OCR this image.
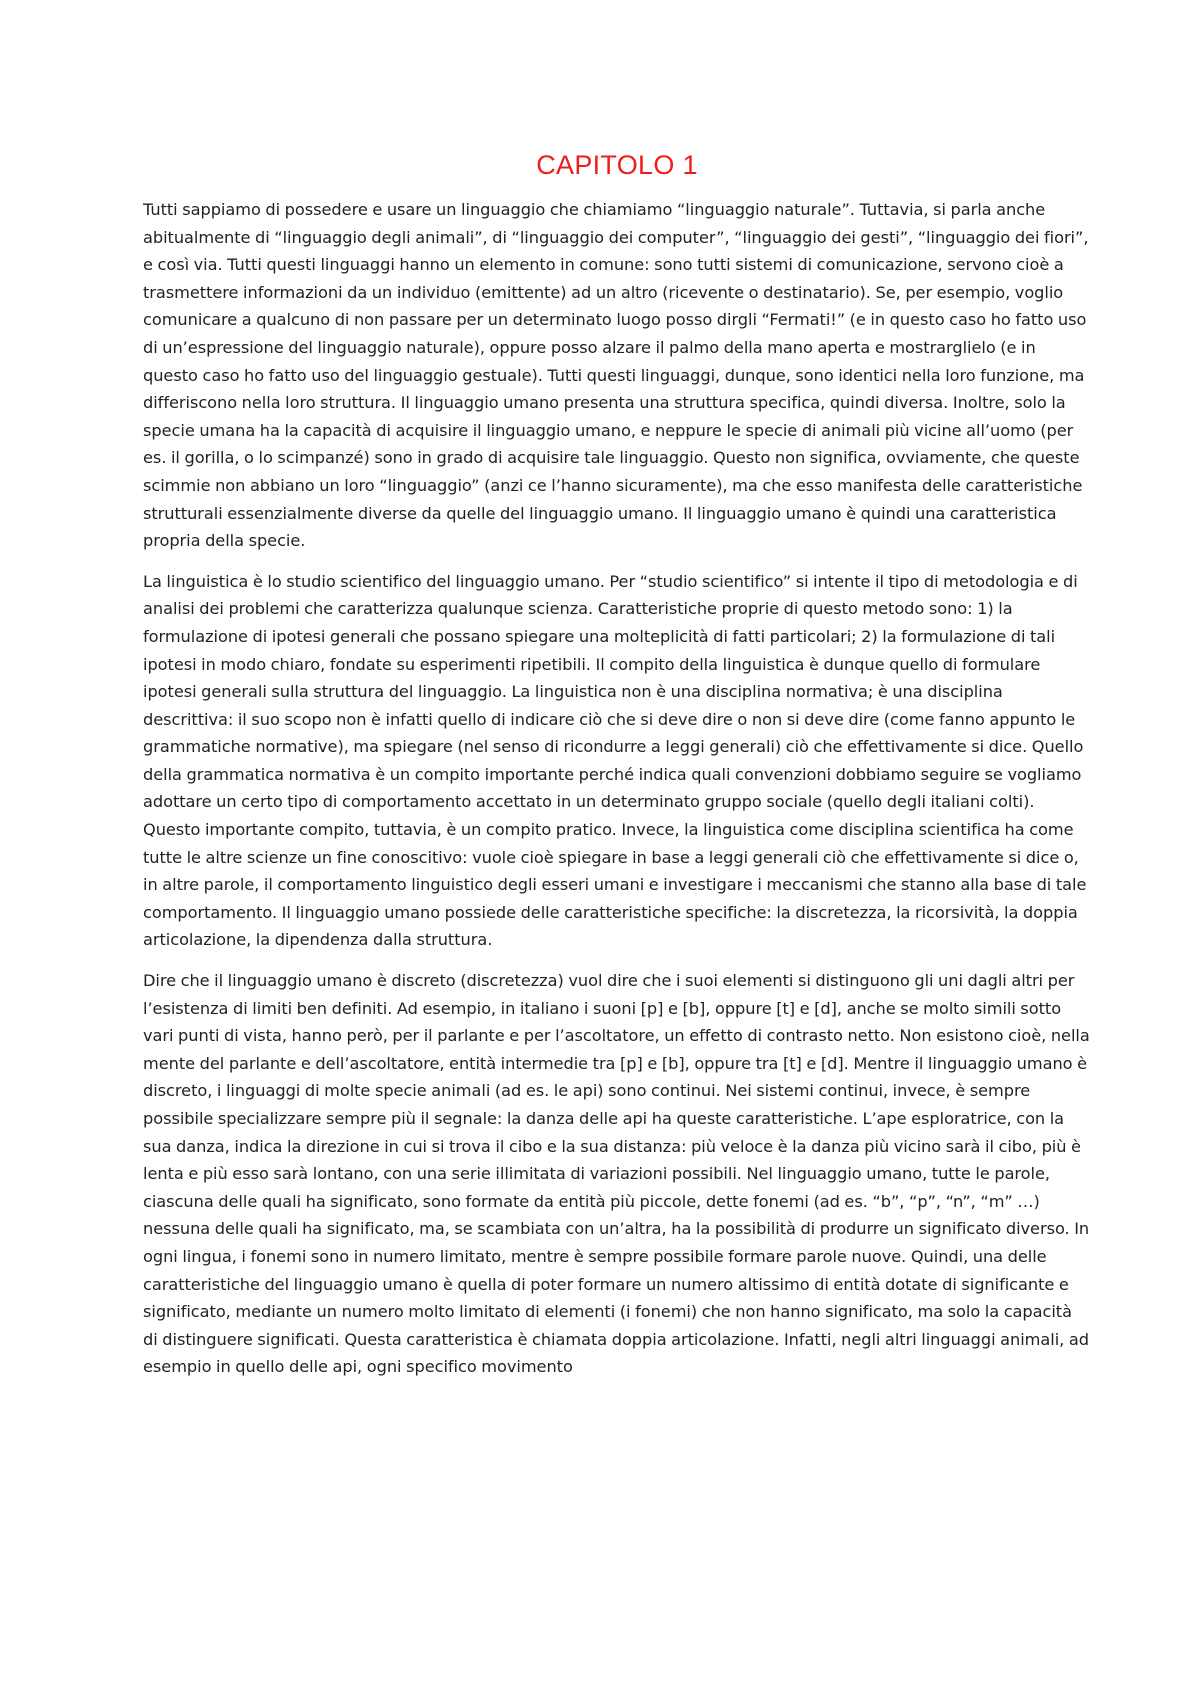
CAPITOLO 1

Tutti sappiamo di possedere e usare un linguaggio che chiamiamo “linguaggio naturale”. Tuttavia, si parla anche abitualmente di “linguaggio degli animali”, di “linguaggio dei computer”, “linguaggio dei gesti”, “linguaggio dei fiori”, e così via. Tutti questi linguaggi hanno un elemento in comune: sono tutti sistemi di comunicazione, servono cioè a trasmettere informazioni da un individuo (emittente) ad un altro (ricevente o destinatario). Se, per esempio, voglio comunicare a qualcuno di non passare per un determinato luogo posso dirgli “Fermati!” (e in questo caso ho fatto uso di un’espressione del linguaggio naturale), oppure posso alzare il palmo della mano aperta e mostrarglielo (e in questo caso ho fatto uso del linguaggio gestuale). Tutti questi linguaggi, dunque, sono identici nella loro funzione, ma differiscono nella loro struttura. Il linguaggio umano presenta una struttura specifica, quindi diversa. Inoltre, solo la specie umana ha la capacità di acquisire il linguaggio umano, e neppure le specie di animali più vicine all’uomo (per es. il gorilla, o lo scimpanzé) sono in grado di acquisire tale linguaggio. Questo non significa, ovviamente, che queste scimmie non abbiano un loro “linguaggio” (anzi ce l’hanno sicuramente), ma che esso manifesta delle caratteristiche strutturali essenzialmente diverse da quelle del linguaggio umano. Il linguaggio umano è quindi una caratteristica propria della specie.

La linguistica è lo studio scientifico del linguaggio umano. Per “studio scientifico” si intente il tipo di metodologia e di analisi dei problemi che caratterizza qualunque scienza. Caratteristiche proprie di questo metodo sono: 1) la formulazione di ipotesi generali che possano spiegare una molteplicità di fatti particolari; 2) la formulazione di tali ipotesi in modo chiaro, fondate su esperimenti ripetibili. Il compito della linguistica è dunque quello di formulare ipotesi generali sulla struttura del linguaggio. La linguistica non è una disciplina normativa; è una disciplina descrittiva: il suo scopo non è infatti quello di indicare ciò che si deve dire o non si deve dire (come fanno appunto le grammatiche normative), ma spiegare (nel senso di ricondurre a leggi generali) ciò che effettivamente si dice. Quello della grammatica normativa è un compito importante perché indica quali convenzioni dobbiamo seguire se vogliamo adottare un certo tipo di comportamento accettato in un determinato gruppo sociale (quello degli italiani colti). Questo importante compito, tuttavia, è un compito pratico. Invece, la linguistica come disciplina scientifica ha come tutte le altre scienze un fine conoscitivo: vuole cioè spiegare in base a leggi generali ciò che effettivamente si dice o, in altre parole, il comportamento linguistico degli esseri umani e investigare i meccanismi che stanno alla base di tale comportamento. Il linguaggio umano possiede delle caratteristiche specifiche: la discretezza, la ricorsività, la doppia articolazione, la dipendenza dalla struttura.

Dire che il linguaggio umano è discreto (discretezza) vuol dire che i suoi elementi si distinguono gli uni dagli altri per l’esistenza di limiti ben definiti. Ad esempio, in italiano i suoni [p] e [b], oppure [t] e [d], anche se molto simili sotto vari punti di vista, hanno però, per il parlante e per l’ascoltatore, un effetto di contrasto netto. Non esistono cioè, nella mente del parlante e dell’ascoltatore, entità intermedie tra [p] e [b], oppure tra [t] e [d]. Mentre il linguaggio umano è discreto, i linguaggi di molte specie animali (ad es. le api) sono continui. Nei sistemi continui, invece, è sempre possibile specializzare sempre più il segnale: la danza delle api ha queste caratteristiche. L’ape esploratrice, con la sua danza, indica la direzione in cui si trova il cibo e la sua distanza: più veloce è la danza più vicino sarà il cibo, più è lenta e più esso sarà lontano, con una serie illimitata di variazioni possibili. Nel linguaggio umano, tutte le parole, ciascuna delle quali ha significato, sono formate da entità più piccole, dette fonemi (ad es. “b”, “p”, “n”, “m” …) nessuna delle quali ha significato, ma, se scambiata con un’altra, ha la possibilità di produrre un significato diverso. In ogni lingua, i fonemi sono in numero limitato, mentre è sempre possibile formare parole nuove. Quindi, una delle caratteristiche del linguaggio umano è quella di poter formare un numero altissimo di entità dotate di significante e significato, mediante un numero molto limitato di elementi (i fonemi) che non hanno significato, ma solo la capacità di distinguere significati. Questa caratteristica è chiamata doppia articolazione. Infatti, negli altri linguaggi animali, ad esempio in quello delle api, ogni specifico movimento
